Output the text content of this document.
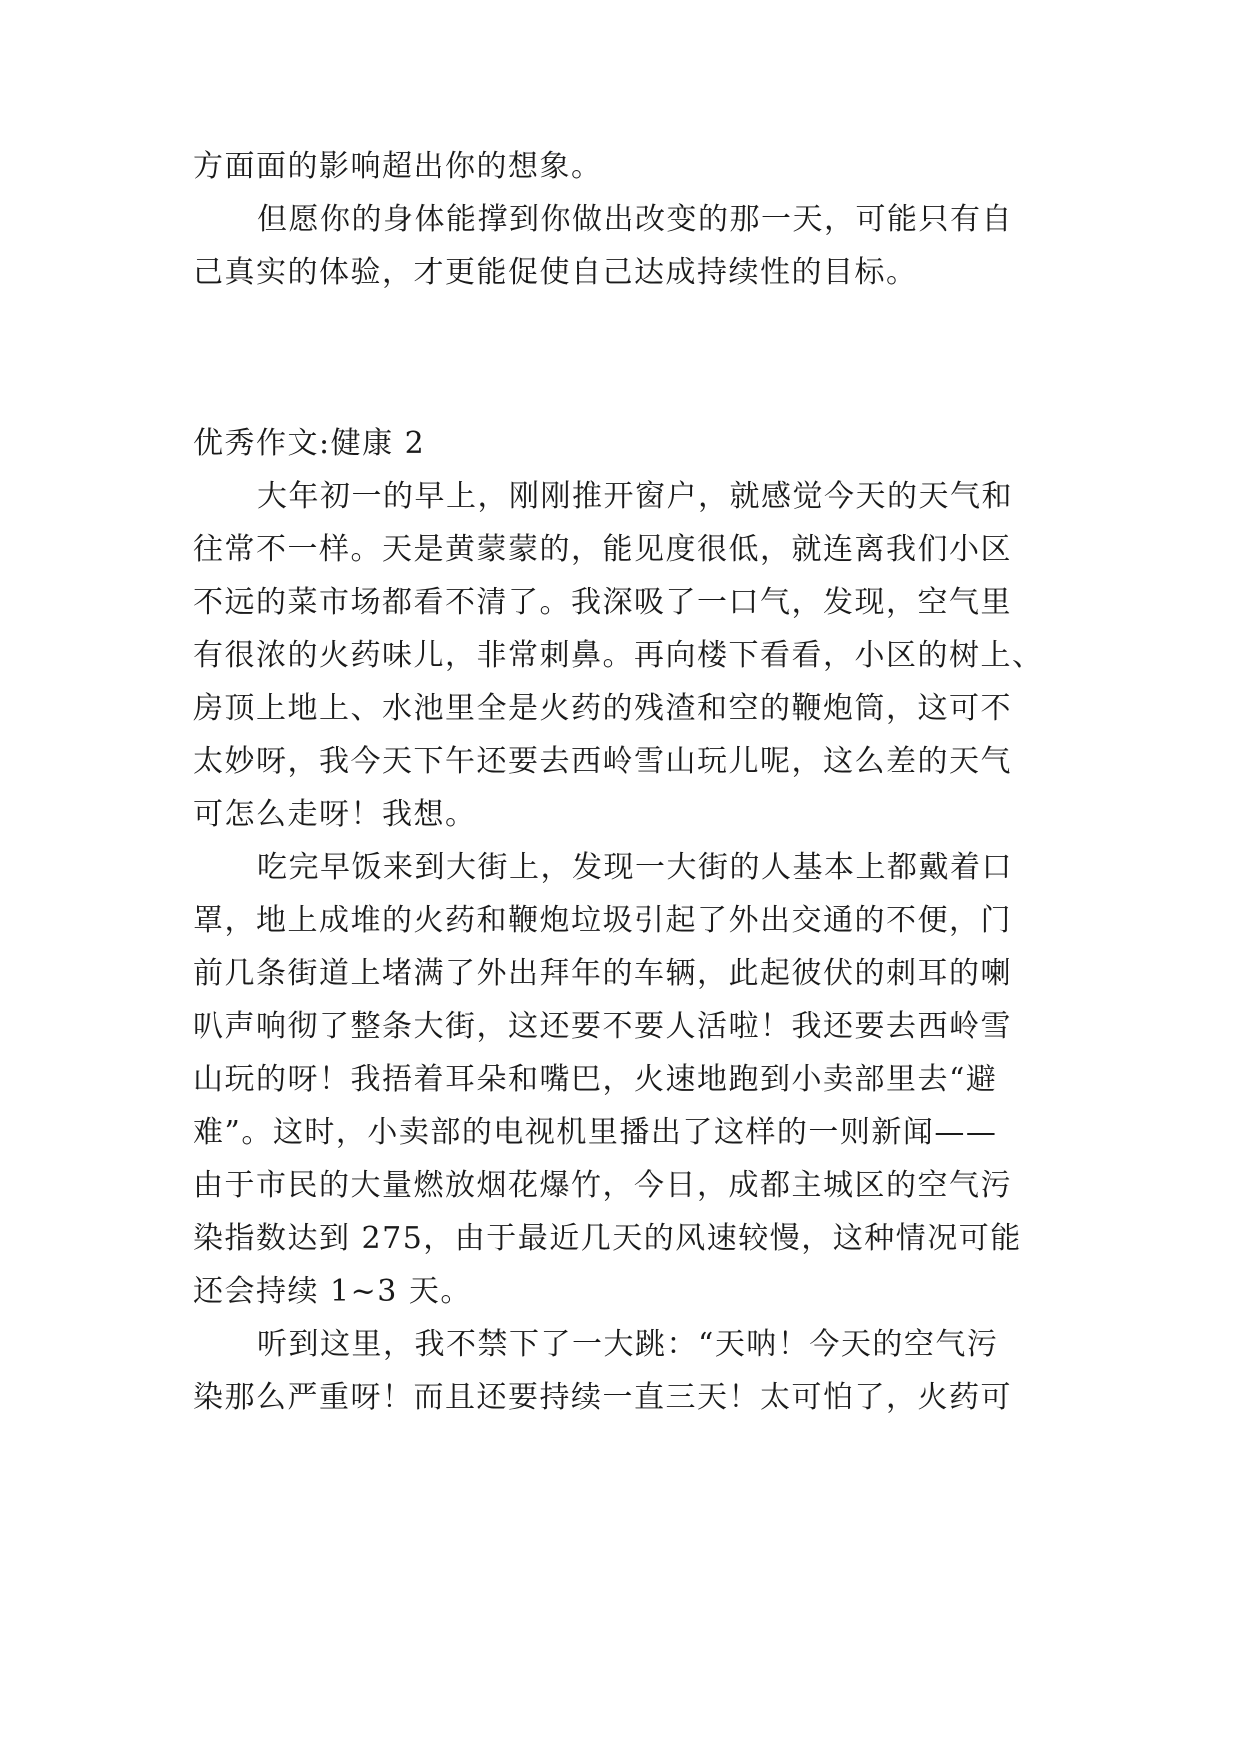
方面面的影响超出你的想象。
但愿你的身体能撑到你做出改变的那一天，可能只有自
己真实的体验，才更能促使自己达成持续性的目标。
优秀作文:健康 2
大年初一的早上，刚刚推开窗户，就感觉今天的天气和
往常不一样。天是黄蒙蒙的，能见度很低，就连离我们小区
不远的菜市场都看不清了。我深吸了一口气，发现，空气里
有很浓的火药味儿，非常刺鼻。再向楼下看看，小区的树上、
房顶上地上、水池里全是火药的残渣和空的鞭炮筒，这可不
太妙呀，我今天下午还要去西岭雪山玩儿呢，这么差的天气
可怎么走呀！我想。
吃完早饭来到大街上，发现一大街的人基本上都戴着口
罩，地上成堆的火药和鞭炮垃圾引起了外出交通的不便，门
前几条街道上堵满了外出拜年的车辆，此起彼伏的刺耳的喇
叭声响彻了整条大街，这还要不要人活啦！我还要去西岭雪
山玩的呀！我捂着耳朵和嘴巴，火速地跑到小卖部里去“避
难”。这时，小卖部的电视机里播出了这样的一则新闻——
由于市民的大量燃放烟花爆竹，今日，成都主城区的空气污
染指数达到 275，由于最近几天的风速较慢，这种情况可能
还会持续 1~3 天。
听到这里，我不禁下了一大跳：“天呐！今天的空气污
染那么严重呀！而且还要持续一直三天！太可怕了，火药可
